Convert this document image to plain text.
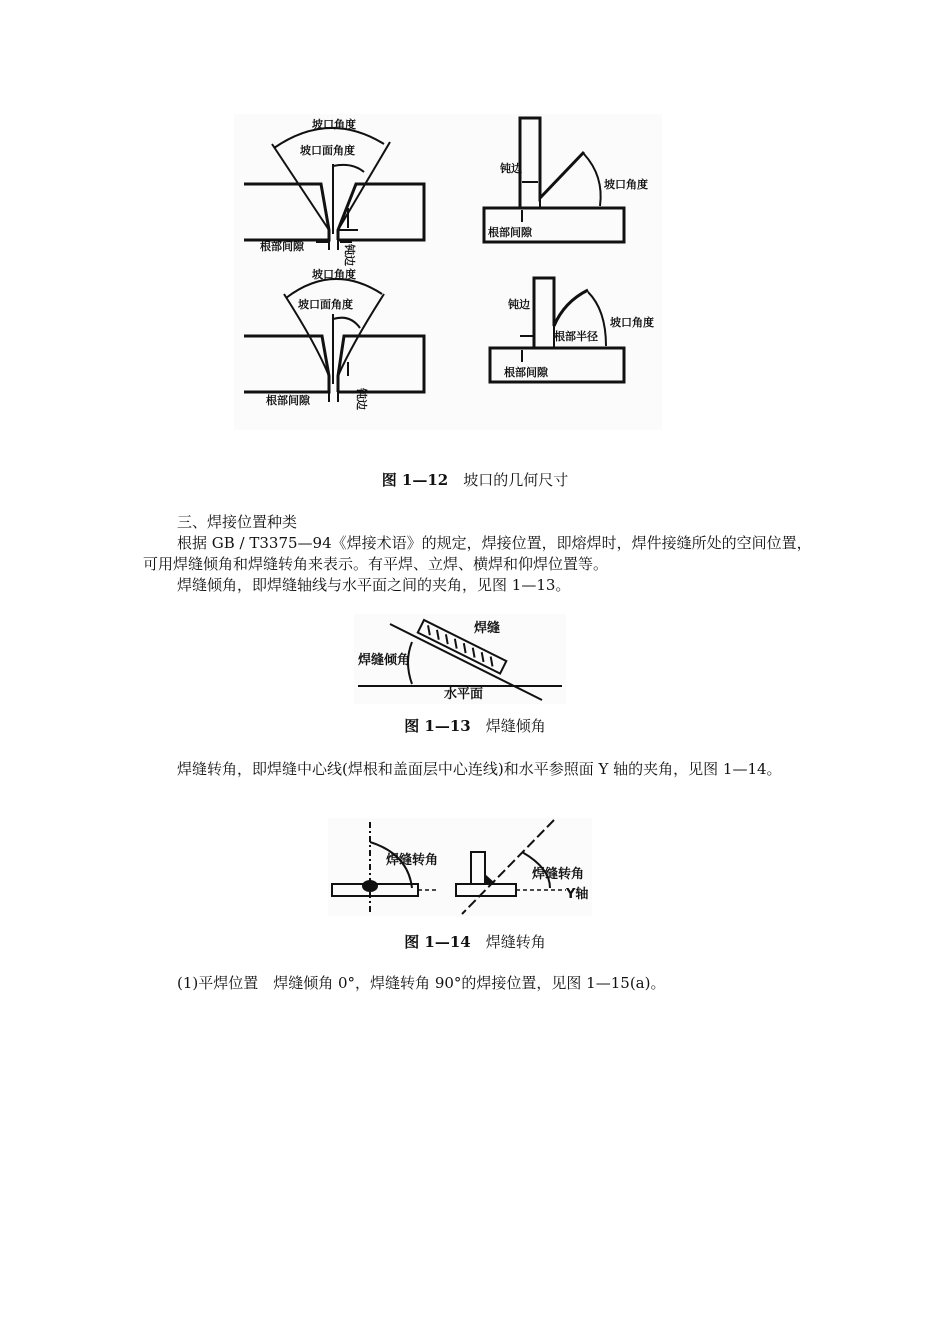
坡口角度
坡口面角度
根部间隙	钝边
钝边
坡口角度
根部间隙
坡口角度
坡口面角度
根部间隙	钝边
钝边
坡口角度
根部半径
根部间隙
图 1—12　 坡口的几何尺寸

三、焊接位置种类

根据 GB / T3375—94《焊接术语》的规定，焊接位置，即熔焊时，焊件接缝所处的空间位置，可用焊缝倾角和焊缝转角来表示。有平焊、立焊、横焊和仰焊位置等。

焊缝倾角，即焊缝轴线与水平面之间的夹角，见图 1—13。

焊缝
焊缝倾角
水平面
图 1—13　 焊缝倾角

焊缝转角，即焊缝中心线(焊根和盖面层中心连线)和水平参照面 Y 轴的夹角，见图 1—14。

焊缝转角
焊缝转角
Y轴
图 1—14　 焊缝转角

(1)平焊位置　焊缝倾角 0°，焊缝转角 90°的焊接位置，见图 1—15(a)。
